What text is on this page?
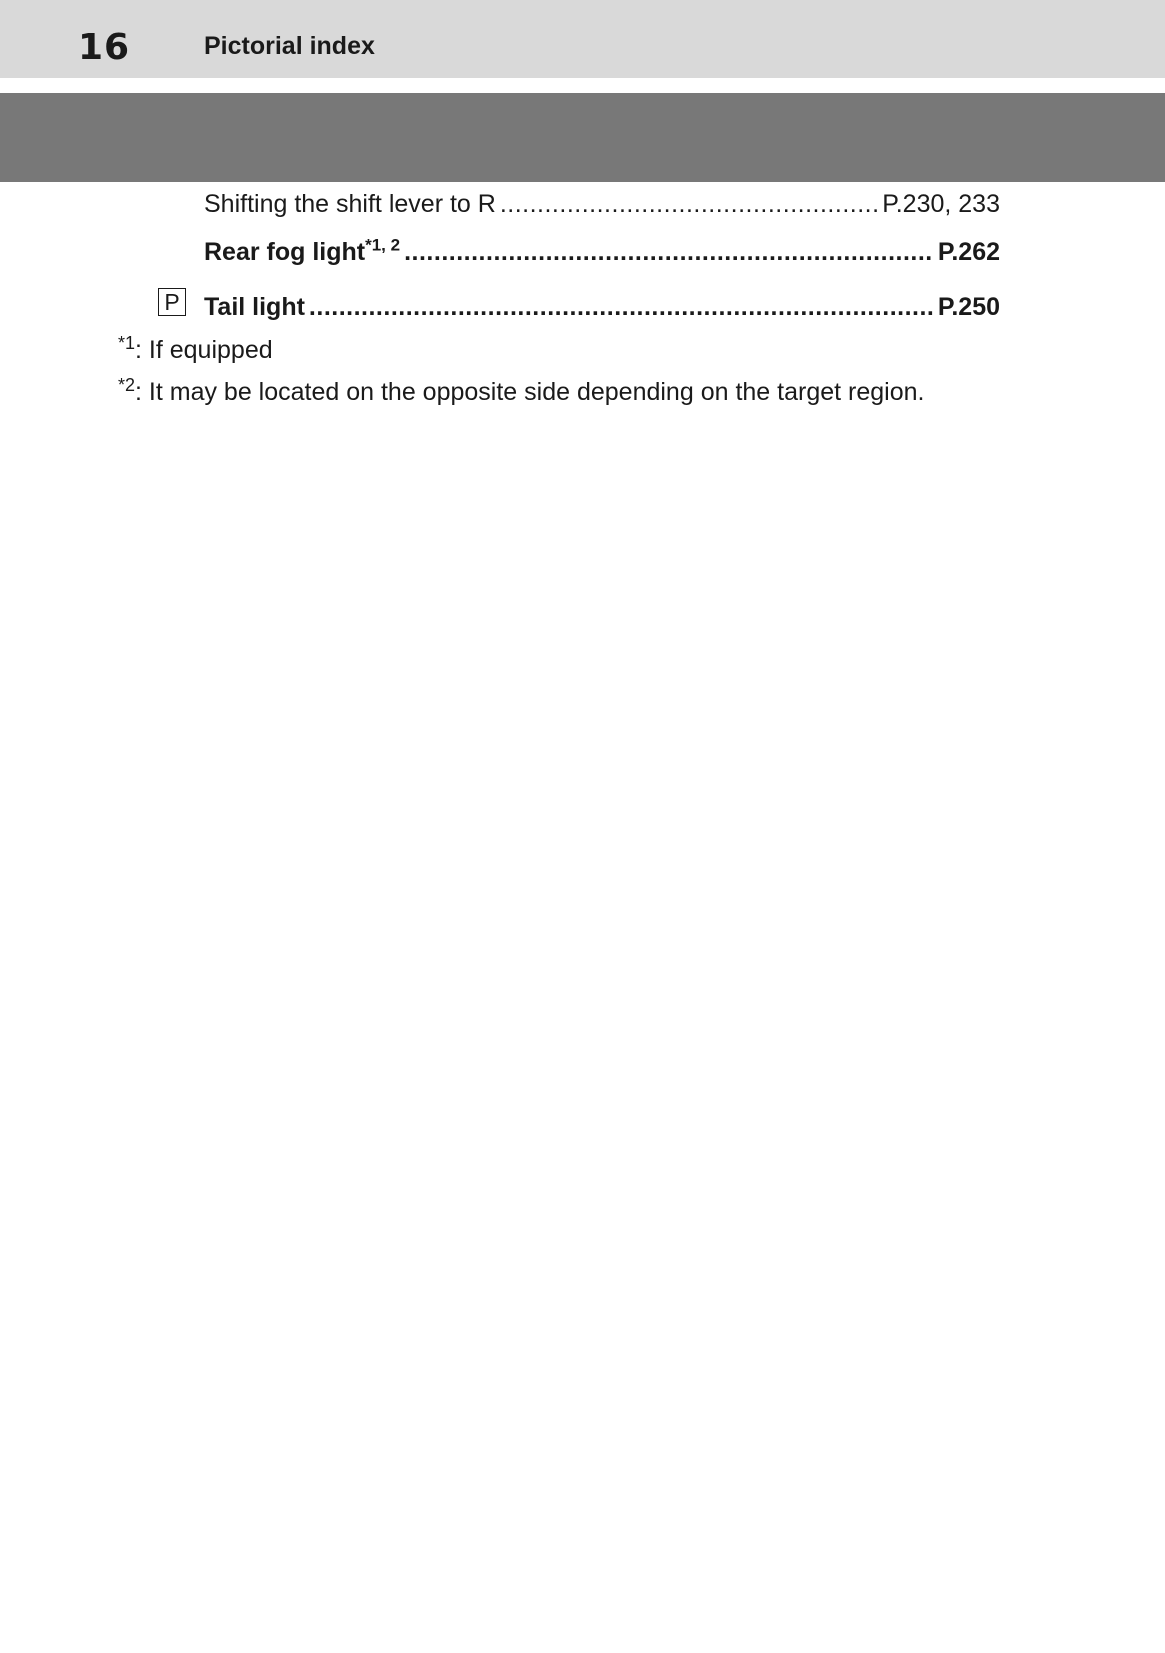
16	Pictorial index
Shifting the shift lever to R .....	P.230, 233
Rear fog light$^{*1, 2}$ .....	P.262
P Tail light .....	P.250
$^{*1}$: If equipped
$^{*2}$: It may be located on the opposite side depending on the target region.
